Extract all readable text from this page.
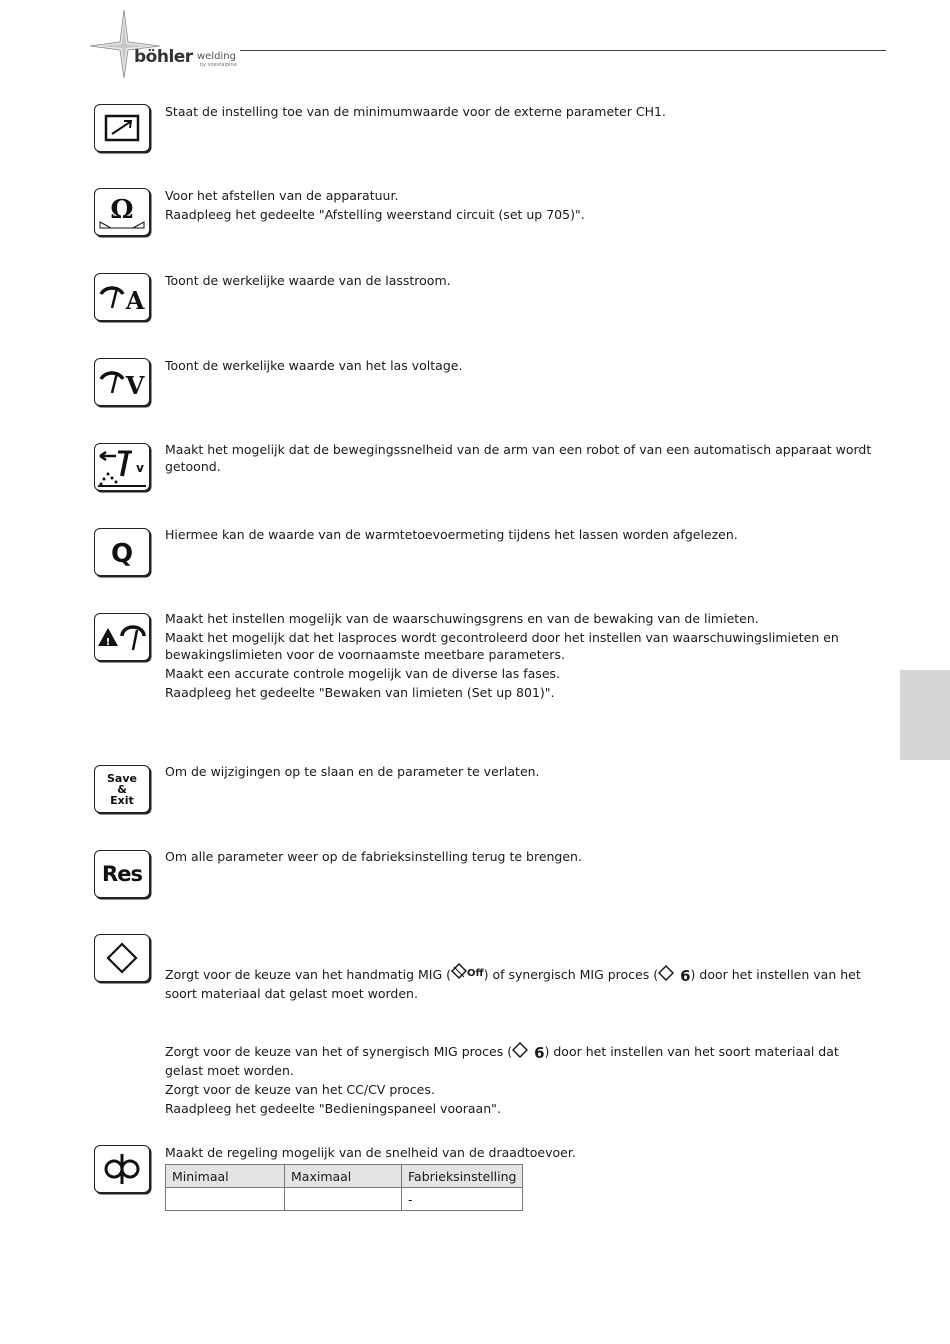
böhler welding
by voestalpine

Staat de instelling toe van de minimumwaarde voor de externe parameter CH1.

Ω	Voor het afstellen van de apparatuur.

Raadpleeg het gedeelte "Afstelling weerstand circuit (set up 705)".

A

Toont de werkelijke waarde van de lasstroom.

V

Toont de werkelijke waarde van het las voltage.

v

Maakt het mogelijk dat de bewegingssnelheid van de arm van een robot of van een automatisch apparaat wordt getoond.

Q

Hiermee kan de waarde van de warmtetoevoermeting tijdens het lassen worden afgelezen.

!

Maakt het instellen mogelijk van de waarschuwingsgrens en van de bewaking van de limieten.

Maakt het mogelijk dat het lasproces wordt gecontroleerd door het instellen van waarschuwingslimieten en bewakingslimieten voor de voornaamste meetbare parameters.

Maakt een accurate controle mogelijk van de diverse las fases.

Raadpleeg het gedeelte "Bewaken van limieten (Set up 801)".

Save
&
Exit

Om de wijzigingen op te slaan en de parameter te verlaten.

Res

Om alle parameter weer op de fabrieksinstelling terug te brengen.

Zorgt voor de keuze van het handmatig MIG ( $^{Off}$) of synergisch MIG proces ( 6) door het instellen van het soort materiaal dat gelast moet worden.

Zorgt voor de keuze van het of synergisch MIG proces ( 6) door het instellen van het soort materiaal dat gelast moet worden.

Zorgt voor de keuze van het CC/CV proces.

Raadpleeg het gedeelte "Bedieningspaneel vooraan".

Maakt de regeling mogelijk van de snelheid van de draadtoevoer.

Minimaal	Maximaal	Fabrieksinstelling
		-
